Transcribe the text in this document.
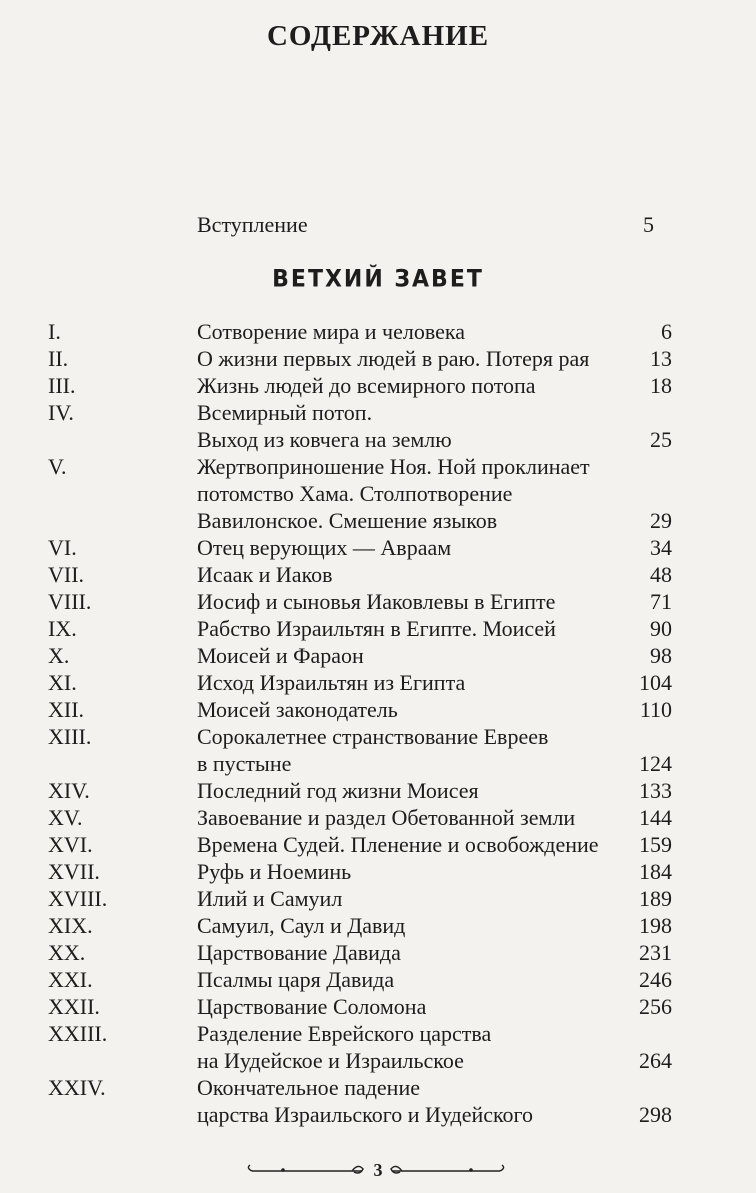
СОДЕРЖАНИЕ
Вступление	5
ВЕТХИЙ ЗАВЕТ
I.	Сотворение мира и человека	6
II.	О жизни первых людей в раю. Потеря рая	13
III.	Жизнь людей до всемирного потопа	18
IV.	Всемирный потоп.
Выход из ковчега на землю	25
V.	Жертвоприношение Ноя. Ной проклинает
потомство Хама. Столпотворение
Вавилонское. Смешение языков	29
VI.	Отец верующих — Авраам	34
VII.	Исаак и Иаков	48
VIII.	Иосиф и сыновья Иаковлевы в Египте	71
IX.	Рабство Израильтян в Египте. Моисей	90
X.	Моисей и Фараон	98
XI.	Исход Израильтян из Египта	104
XII.	Моисей законодатель	110
XIII.	Сорокалетнее странствование Евреев
в пустыне	124
XIV.	Последний год жизни Моисея	133
XV.	Завоевание и раздел Обетованной земли	144
XVI.	Времена Судей. Пленение и освобождение	159
XVII.	Руфь и Ноеминь	184
XVIII.	Илий и Самуил	189
XIX.	Самуил, Саул и Давид	198
XX.	Царствование Давида	231
XXI.	Псалмы царя Давида	246
XXII.	Царствование Соломона	256
XXIII.	Разделение Еврейского царства
на Иудейское и Израильское	264
XXIV.	Окончательное падение
царства Израильского и Иудейского	298
3
